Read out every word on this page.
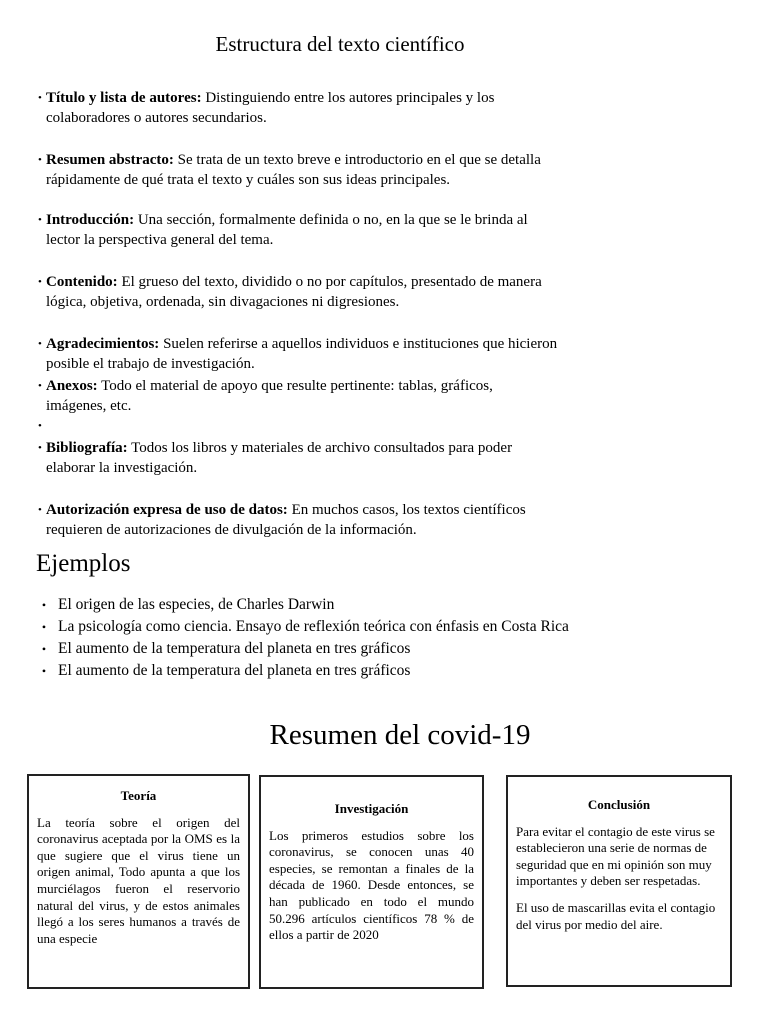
Estructura del texto científico
• Título y lista de autores: Distinguiendo entre los autores principales y los
colaboradores o autores secundarios.
• Resumen abstracto: Se trata de un texto breve e introductorio en el que se detalla
rápidamente de qué trata el texto y cuáles son sus ideas principales.
• Introducción: Una sección, formalmente definida o no, en la que se le brinda al
lector la perspectiva general del tema.
• Contenido: El grueso del texto, dividido o no por capítulos, presentado de manera
lógica, objetiva, ordenada, sin divagaciones ni digresiones.
• Agradecimientos: Suelen referirse a aquellos individuos e instituciones que hicieron
posible el trabajo de investigación.
• Anexos: Todo el material de apoyo que resulte pertinente: tablas, gráficos,
imágenes, etc.
•
• Bibliografía: Todos los libros y materiales de archivo consultados para poder
elaborar la investigación.
• Autorización expresa de uso de datos: En muchos casos, los textos científicos
requieren de autorizaciones de divulgación de la información.
Ejemplos
• El origen de las especies, de Charles Darwin
• La psicología como ciencia. Ensayo de reflexión teórica con énfasis en Costa Rica
• El aumento de la temperatura del planeta en tres gráficos
• El aumento de la temperatura del planeta en tres gráficos
Resumen del covid-19
Teoría

La teoría sobre el origen del coronavirus aceptada por la OMS es la que sugiere que el virus tiene un origen animal, Todo apunta a que los murciélagos fueron el reservorio natural del virus, y de estos animales llegó a los seres humanos a través de una especie

Investigación

Los primeros estudios sobre los coronavirus, se conocen unas 40 especies, se remontan a finales de la década de 1960. Desde entonces, se han publicado en todo el mundo 50.296 artículos científicos 78 % de ellos a partir de 2020

Conclusión

Para evitar el contagio de este virus se establecieron una serie de normas de seguridad que en mi opinión son muy importantes y deben ser respetadas.

El uso de mascarillas evita el contagio del virus por medio del aire.
